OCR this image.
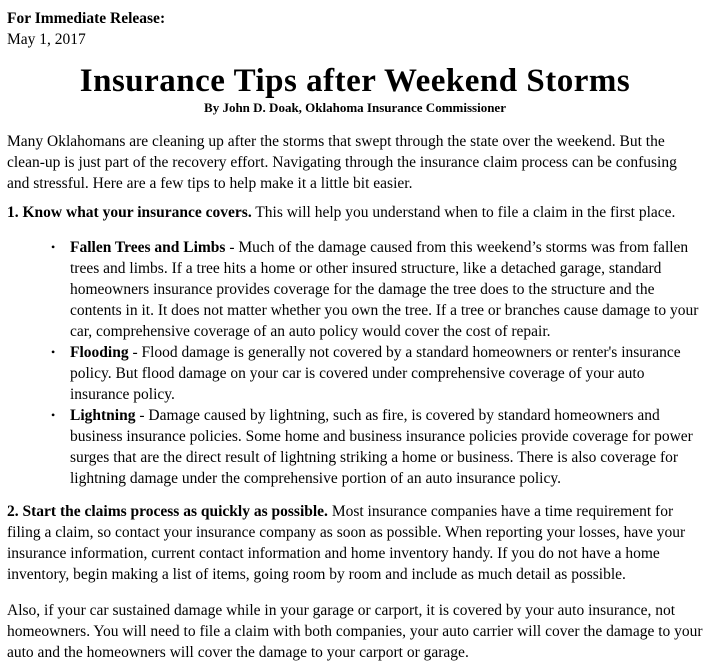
For Immediate Release:
May 1, 2017
Insurance Tips after Weekend Storms
By John D. Doak, Oklahoma Insurance Commissioner

Many Oklahomans are cleaning up after the storms that swept through the state over the weekend. But the clean-up is just part of the recovery effort. Navigating through the insurance claim process can be confusing and stressful. Here are a few tips to help make it a little bit easier.

1. Know what your insurance covers. This will help you understand when to file a claim in the first place.

• Fallen Trees and Limbs - Much of the damage caused from this weekend’s storms was from fallen trees and limbs. If a tree hits a home or other insured structure, like a detached garage, standard homeowners insurance provides coverage for the damage the tree does to the structure and the contents in it. It does not matter whether you own the tree. If a tree or branches cause damage to your car, comprehensive coverage of an auto policy would cover the cost of repair.
• Flooding - Flood damage is generally not covered by a standard homeowners or renter's insurance policy. But flood damage on your car is covered under comprehensive coverage of your auto insurance policy.
• Lightning - Damage caused by lightning, such as fire, is covered by standard homeowners and business insurance policies. Some home and business insurance policies provide coverage for power surges that are the direct result of lightning striking a home or business. There is also coverage for lightning damage under the comprehensive portion of an auto insurance policy.

2. Start the claims process as quickly as possible. Most insurance companies have a time requirement for filing a claim, so contact your insurance company as soon as possible. When reporting your losses, have your insurance information, current contact information and home inventory handy. If you do not have a home inventory, begin making a list of items, going room by room and include as much detail as possible.

Also, if your car sustained damage while in your garage or carport, it is covered by your auto insurance, not homeowners. You will need to file a claim with both companies, your auto carrier will cover the damage to your auto and the homeowners will cover the damage to your carport or garage.
